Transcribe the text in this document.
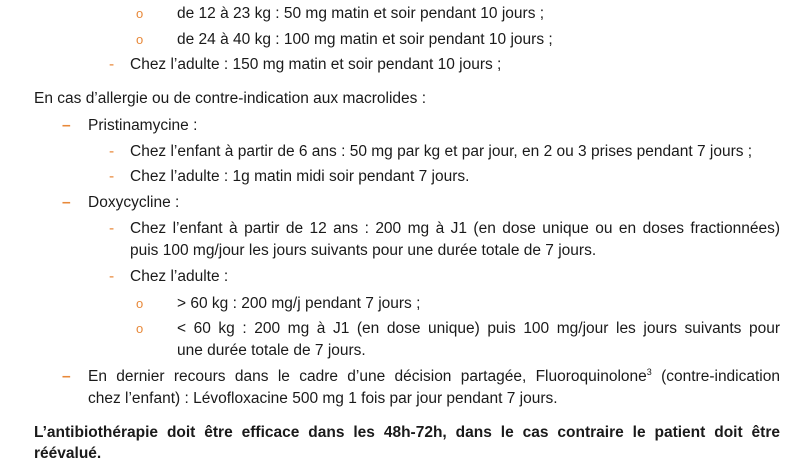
o de 12 à 23 kg : 50 mg matin et soir pendant 10 jours ;
o de 24 à 40 kg : 100 mg matin et soir pendant 10 jours ;
- Chez l’adulte : 150 mg matin et soir pendant 10 jours ;
En cas d’allergie ou de contre-indication aux macrolides :
– Pristinamycine :
- Chez l’enfant à partir de 6 ans : 50 mg par kg et par jour, en 2 ou 3 prises pendant 7 jours ;
- Chez l’adulte : 1g matin midi soir pendant 7 jours.
– Doxycycline :
- Chez l’enfant à partir de 12 ans : 200 mg à J1 (en dose unique ou en doses fractionnées)
puis 100 mg/jour les jours suivants pour une durée totale de 7 jours.
- Chez l’adulte :
o > 60 kg : 200 mg/j pendant 7 jours ;
o < 60 kg : 200 mg à J1 (en dose unique) puis 100 mg/jour les jours suivants pour
une durée totale de 7 jours.
– En dernier recours dans le cadre d’une décision partagée, Fluoroquinolone$^3$ (contre-indication
chez l’enfant) : Lévofloxacine 500 mg 1 fois par jour pendant 7 jours.
L’antibiothérapie doit être efficace dans les 48h-72h, dans le cas contraire le patient doit être
réévalué.
